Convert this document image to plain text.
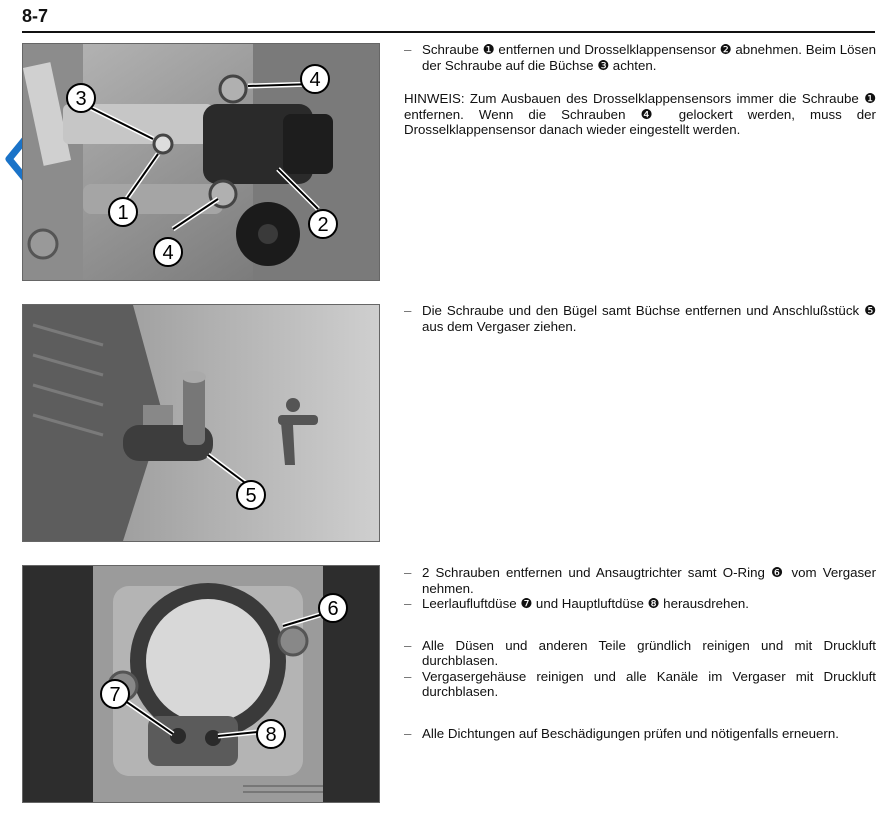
8-7
3
4
1
4
2
5
6
7
8

– Schraube ❶ entfernen und Drosselklappensensor ❷ abnehmen. Beim Lösen der Schraube auf die Büchse ❸ achten.

HINWEIS: Zum Ausbauen des Drosselklappensensors immer die Schraube ❶ entfernen. Wenn die Schrauben ❹ gelockert werden, muss der Drosselklappensensor danach wieder eingestellt werden.

– Die Schraube und den Bügel samt Büchse entfernen und Anschlußstück ❺ aus dem Vergaser ziehen.

– 2 Schrauben entfernen und Ansaugtrichter samt O-Ring ❻ vom Vergaser nehmen.

– Leerlaufluftdüse ❼ und Hauptluftdüse ❽ herausdrehen.

– Alle Düsen und anderen Teile gründlich reinigen und mit Druckluft durchblasen.

– Vergasergehäuse reinigen und alle Kanäle im Vergaser mit Druckluft durchblasen.

– Alle Dichtungen auf Beschädigungen prüfen und nötigenfalls erneuern.
